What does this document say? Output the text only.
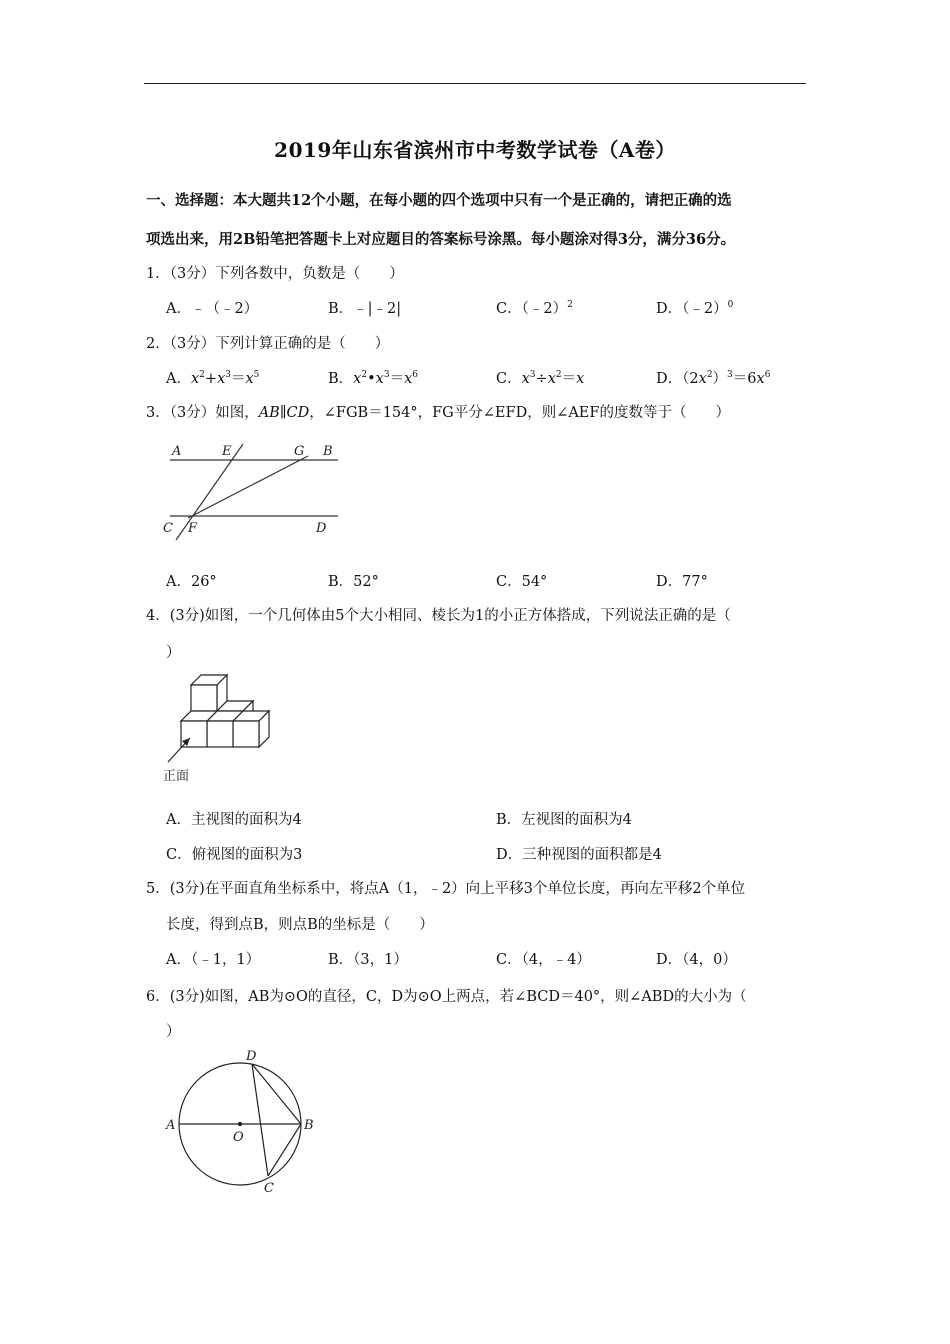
2019年山东省滨州市中考数学试卷（A卷）
一、选择题：本大题共12个小题，在每小题的四个选项中只有一个是正确的，请把正确的选
项选出来，用2B铅笔把答题卡上对应题目的答案标号涂黑。每小题涂对得3分，满分36分。
1．（3分）下列各数中，负数是（　　）
A．﹣（﹣2）	B．﹣|﹣2|	C．（﹣2）$^2$	D．（﹣2）$^0$
2．（3分）下列计算正确的是（　　）
A．$x^2+x^3=x^5$	B．$x^2•x^3=x^6$	C．$x^3\div x^2=x$	D．$(2x^2)^3=6x^6$
3．（3分）如图，AB∥CD，∠FGB＝154°，FG平分∠EFD，则∠AEF的度数等于（　　）
A	E	G B
C F	D
A．26°	B．52°	C．54°	D．77°
4．(3分)如图，一个几何体由5个大小相同、棱长为1的小正方体搭成，下列说法正确的是（
）
正面
A．主视图的面积为4	B．左视图的面积为4
C．俯视图的面积为3	D．三种视图的面积都是4
5．(3分)在平面直角坐标系中，将点A（1，﹣2）向上平移3个单位长度，再向左平移2个单位
长度，得到点B，则点B的坐标是（　　）
A．（﹣1，1）	B．（3，1）	C．（4，﹣4）	D．（4，0）
6．(3分)如图，AB为⊙O的直径，C，D为⊙O上两点，若∠BCD＝40°，则∠ABD的大小为（
）
A
O
B
D
C
